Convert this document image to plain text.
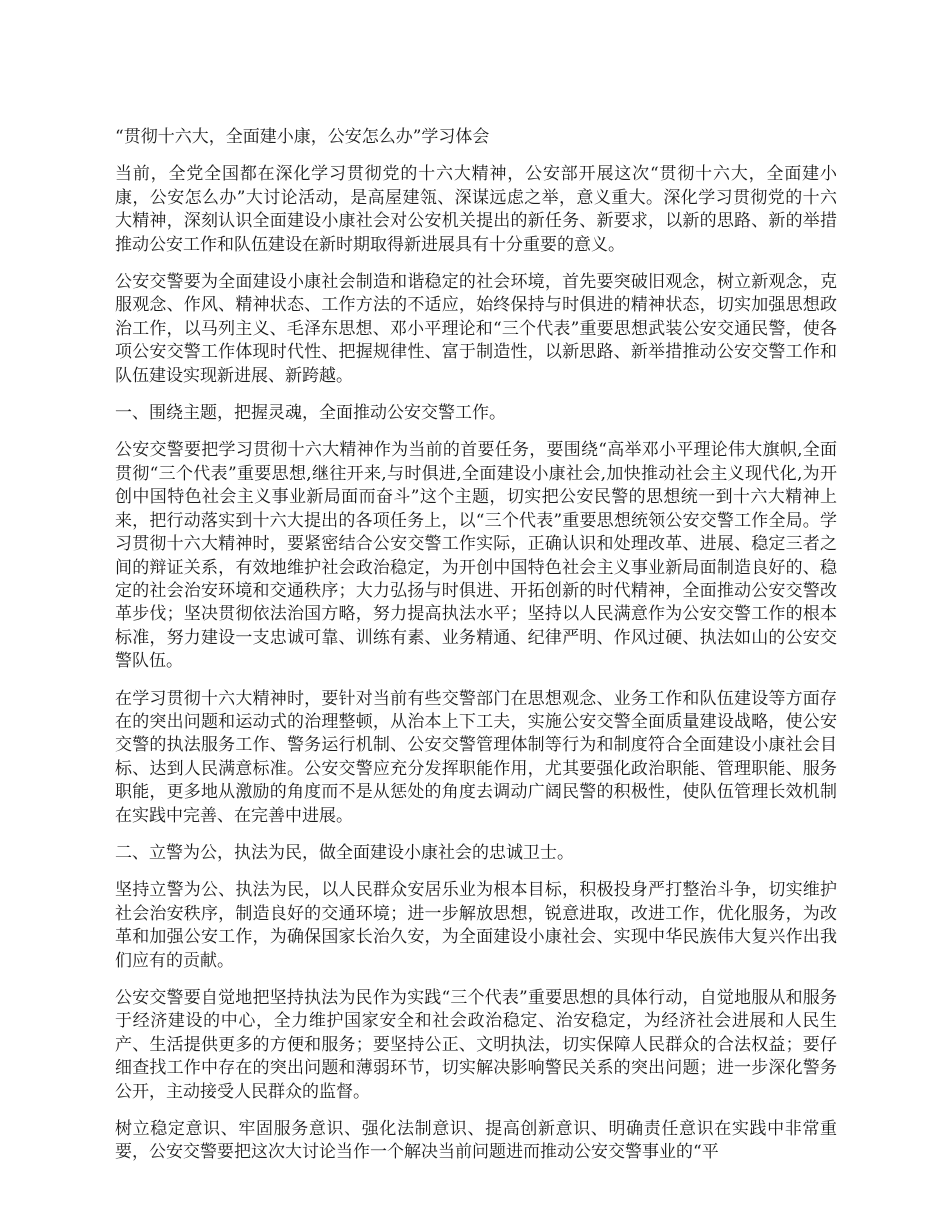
“贯彻十六大，全面建小康，公安怎么办”学习体会

当前，全党全国都在深化学习贯彻党的十六大精神，公安部开展这次“贯彻十六大，全面建小康，公安怎么办”大讨论活动，是高屋建瓴、深谋远虑之举，意义重大。深化学习贯彻党的十六大精神，深刻认识全面建设小康社会对公安机关提出的新任务、新要求，以新的思路、新的举措推动公安工作和队伍建设在新时期取得新进展具有十分重要的意义。

公安交警要为全面建设小康社会制造和谐稳定的社会环境，首先要突破旧观念，树立新观念，克服观念、作风、精神状态、工作方法的不适应，始终保持与时俱进的精神状态，切实加强思想政治工作，以马列主义、毛泽东思想、邓小平理论和“三个代表”重要思想武装公安交通民警，使各项公安交警工作体现时代性、把握规律性、富于制造性，以新思路、新举措推动公安交警工作和队伍建设实现新进展、新跨越。

一、围绕主题，把握灵魂，全面推动公安交警工作。

公安交警要把学习贯彻十六大精神作为当前的首要任务，要围绕“高举邓小平理论伟大旗帜,全面贯彻“三个代表”重要思想,继往开来,与时俱进,全面建设小康社会,加快推动社会主义现代化,为开创中国特色社会主义事业新局面而奋斗”这个主题，切实把公安民警的思想统一到十六大精神上来，把行动落实到十六大提出的各项任务上，以“三个代表”重要思想统领公安交警工作全局。学习贯彻十六大精神时，要紧密结合公安交警工作实际，正确认识和处理改革、进展、稳定三者之间的辩证关系，有效地维护社会政治稳定，为开创中国特色社会主义事业新局面制造良好的、稳定的社会治安环境和交通秩序；大力弘扬与时俱进、开拓创新的时代精神，全面推动公安交警改革步伐；坚决贯彻依法治国方略，努力提高执法水平；坚持以人民满意作为公安交警工作的根本标准，努力建设一支忠诚可靠、训练有素、业务精通、纪律严明、作风过硬、执法如山的公安交警队伍。

在学习贯彻十六大精神时，要针对当前有些交警部门在思想观念、业务工作和队伍建设等方面存在的突出问题和运动式的治理整顿，从治本上下工夫，实施公安交警全面质量建设战略，使公安交警的执法服务工作、警务运行机制、公安交警管理体制等行为和制度符合全面建设小康社会目标、达到人民满意标准。公安交警应充分发挥职能作用，尤其要强化政治职能、管理职能、服务职能，更多地从激励的角度而不是从惩处的角度去调动广阔民警的积极性，使队伍管理长效机制在实践中完善、在完善中进展。

二、立警为公，执法为民，做全面建设小康社会的忠诚卫士。

坚持立警为公、执法为民，以人民群众安居乐业为根本目标，积极投身严打整治斗争，切实维护社会治安秩序，制造良好的交通环境；进一步解放思想，锐意进取，改进工作，优化服务，为改革和加强公安工作，为确保国家长治久安，为全面建设小康社会、实现中华民族伟大复兴作出我们应有的贡献。

公安交警要自觉地把坚持执法为民作为实践“三个代表”重要思想的具体行动，自觉地服从和服务于经济建设的中心，全力维护国家安全和社会政治稳定、治安稳定，为经济社会进展和人民生产、生活提供更多的方便和服务；要坚持公正、文明执法，切实保障人民群众的合法权益；要仔细查找工作中存在的突出问题和薄弱环节，切实解决影响警民关系的突出问题；进一步深化警务公开，主动接受人民群众的监督。

树立稳定意识、牢固服务意识、强化法制意识、提高创新意识、明确责任意识在实践中非常重要，公安交警要把这次大讨论当作一个解决当前问题进而推动公安交警事业的“平
